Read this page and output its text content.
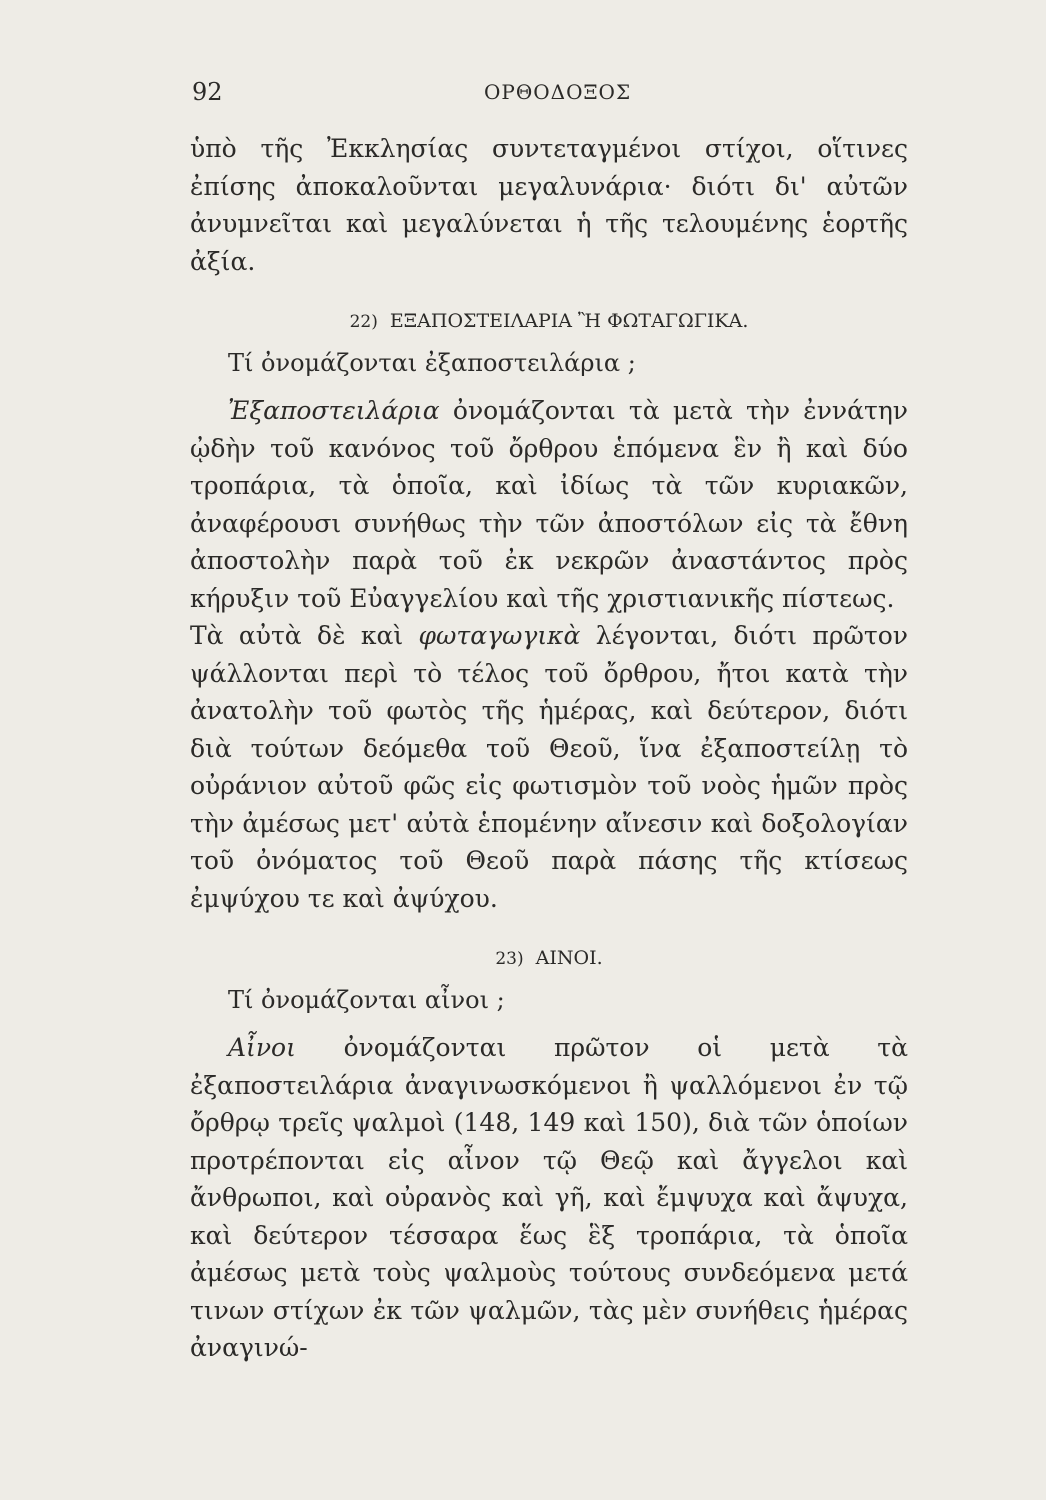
92	ΟΡΘΟΔΟΞΟΣ

ὑπὸ τῆς Ἐκκλησίας συντεταγμένοι στίχοι, οἵτινες ἐπίσης ἀποκαλοῦνται μεγαλυνάρια· διότι δι' αὐτῶν ἀνυμνεῖται καὶ μεγαλύνεται ἡ τῆς τελουμένης ἑορτῆς ἀξία.

22) ΕΞΑΠΟΣΤΕΙΛΑΡΙΑ Ἢ ΦΩΤΑΓΩΓΙΚΑ.

Τί ὀνομάζονται ἐξαποστειλάρια ;

Ἐξαποστειλάρια ὀνομάζονται τὰ μετὰ τὴν ἐννάτην ᾠδὴν τοῦ κανόνος τοῦ ὄρθρου ἑπόμενα ἓν ἢ καὶ δύο τροπάρια, τὰ ὁποῖα, καὶ ἰδίως τὰ τῶν κυριακῶν, ἀναφέρουσι συνήθως τὴν τῶν ἀποστόλων εἰς τὰ ἔθνη ἀποστολὴν παρὰ τοῦ ἐκ νεκρῶν ἀναστάντος πρὸς κήρυξιν τοῦ Εὐαγγελίου καὶ τῆς χριστιανικῆς πίστεως.

Τὰ αὐτὰ δὲ καὶ φωταγωγικὰ λέγονται, διότι πρῶτον ψάλλονται περὶ τὸ τέλος τοῦ ὄρθρου, ἤτοι κατὰ τὴν ἀνατολὴν τοῦ φωτὸς τῆς ἡμέρας, καὶ δεύτερον, διότι διὰ τούτων δεόμεθα τοῦ Θεοῦ, ἵνα ἐξαποστείλῃ τὸ οὐράνιον αὐτοῦ φῶς εἰς φωτισμὸν τοῦ νοὸς ἡμῶν πρὸς τὴν ἀμέσως μετ' αὐτὰ ἑπομένην αἴνεσιν καὶ δοξολογίαν τοῦ ὀνόματος τοῦ Θεοῦ παρὰ πάσης τῆς κτίσεως ἐμψύχου τε καὶ ἀψύχου.

23) ΑΙΝΟΙ.

Τί ὀνομάζονται αἶνοι ;

Αἶνοι ὀνομάζονται πρῶτον οἱ μετὰ τὰ ἐξαποστειλάρια ἀναγινωσκόμενοι ἢ ψαλλόμενοι ἐν τῷ ὄρθρῳ τρεῖς ψαλμοὶ (148, 149 καὶ 150), διὰ τῶν ὁποίων προτρέπονται εἰς αἶνον τῷ Θεῷ καὶ ἄγγελοι καὶ ἄνθρωποι, καὶ οὐρανὸς καὶ γῆ, καὶ ἔμψυχα καὶ ἄψυχα, καὶ δεύτερον τέσσαρα ἕως ἓξ τροπάρια, τὰ ὁποῖα ἀμέσως μετὰ τοὺς ψαλμοὺς τούτους συνδεόμενα μετά τινων στίχων ἐκ τῶν ψαλμῶν, τὰς μὲν συνήθεις ἡμέρας ἀναγινώ-
